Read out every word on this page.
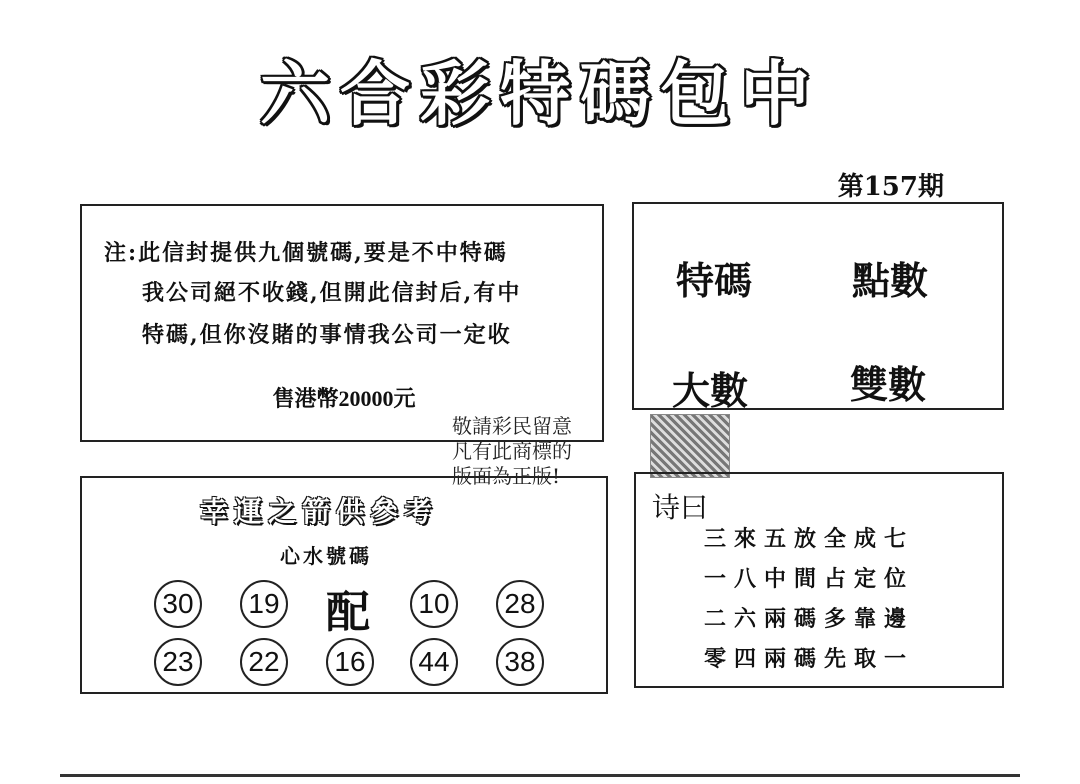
六合彩特碼包中
第157期

注:此信封提供九個號碼,要是不中特碼

我公司絕不收錢,但開此信封后,有中

特碼,但你沒賭的事情我公司一定收

售港幣20000元
特碼	點數
大數	雙數
敬請彩民留意
凡有此商標的
版面為正版!
幸運之箭供參考
心水號碼
30	19 配	10	28
23	22	16	44	38
诗曰

三來五放全成七

一八中間占定位

二六兩碼多靠邊

零四兩碼先取一
